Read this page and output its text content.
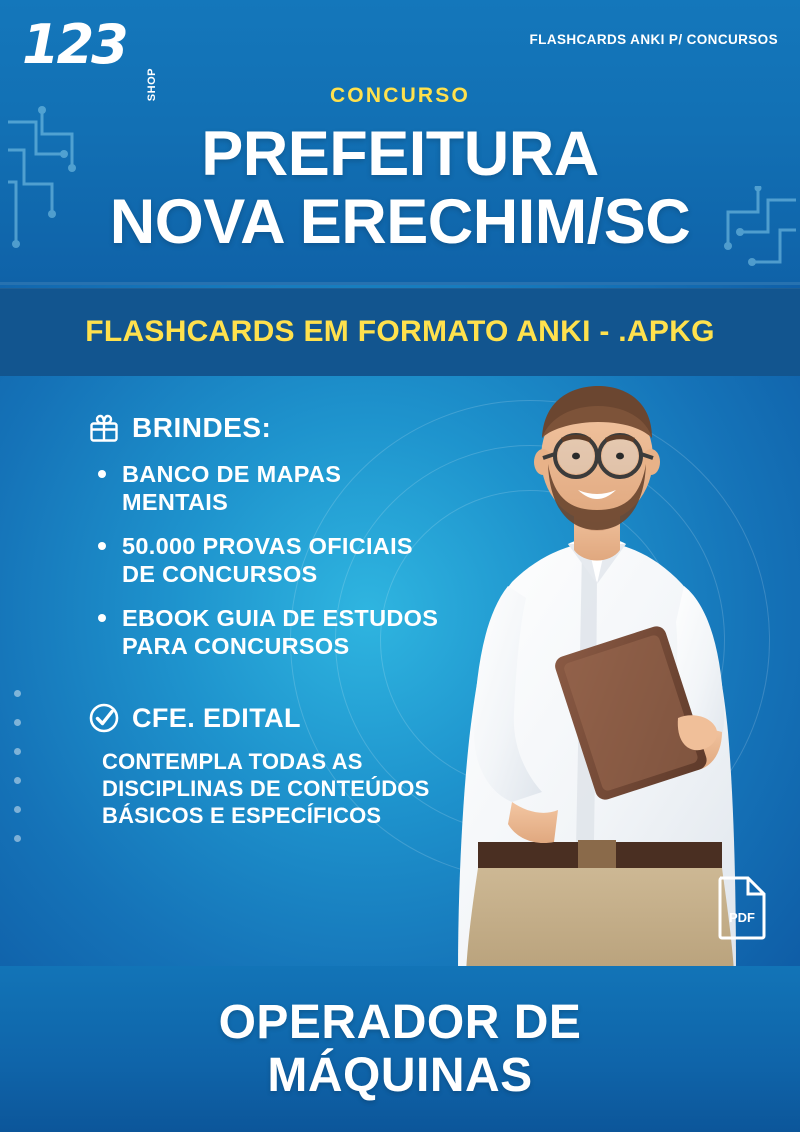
123
SHOP
FLASHCARDS ANKI P/ CONCURSOS
CONCURSO
PREFEITURA
NOVA ERECHIM/SC
FLASHCARDS EM FORMATO ANKI - .APKG
BRINDES:
BANCO DE MAPAS MENTAIS
50.000 PROVAS OFICIAIS DE CONCURSOS
EBOOK GUIA DE ESTUDOS PARA CONCURSOS
CFE. EDITAL
CONTEMPLA TODAS AS DISCIPLINAS DE CONTEÚDOS BÁSICOS E ESPECÍFICOS
PDF
OPERADOR DE
MÁQUINAS
